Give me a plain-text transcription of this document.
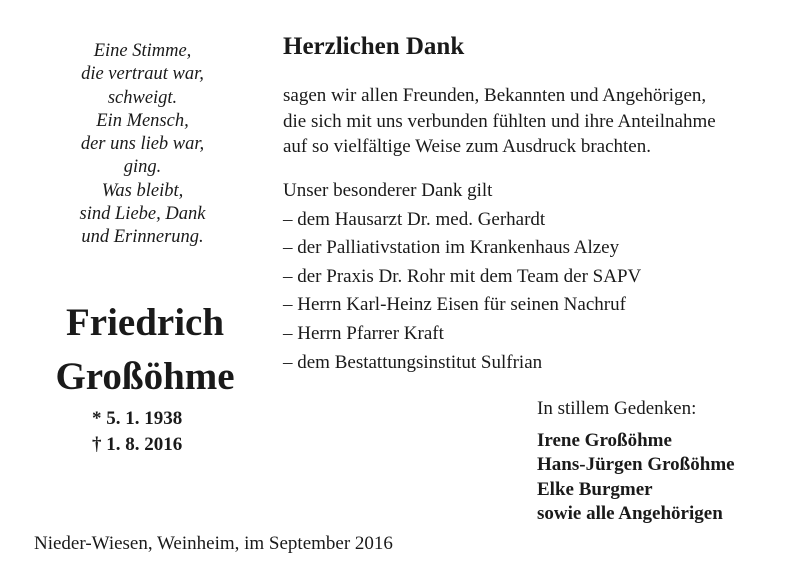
Eine Stimme,
die vertraut war,
schweigt.
Ein Mensch,
der uns lieb war,
ging.
Was bleibt,
sind Liebe, Dank
und Erinnerung.
Friedrich
Großöhme
* 5. 1. 1938
† 1. 8. 2016
Herzlichen Dank
sagen wir allen Freunden, Bekannten und Angehörigen,
die sich mit uns verbunden fühlten und ihre Anteilnahme
auf so vielfältige Weise zum Ausdruck brachten.
Unser besonderer Dank gilt
– dem Hausarzt Dr. med. Gerhardt
– der Palliativstation im Krankenhaus Alzey
– der Praxis Dr. Rohr mit dem Team der SAPV
– Herrn Karl-Heinz Eisen für seinen Nachruf
– Herrn Pfarrer Kraft
– dem Bestattungsinstitut Sulfrian
In stillem Gedenken:
Irene Großöhme
Hans-Jürgen Großöhme
Elke Burgmer
sowie alle Angehörigen
Nieder-Wiesen, Weinheim, im September 2016
